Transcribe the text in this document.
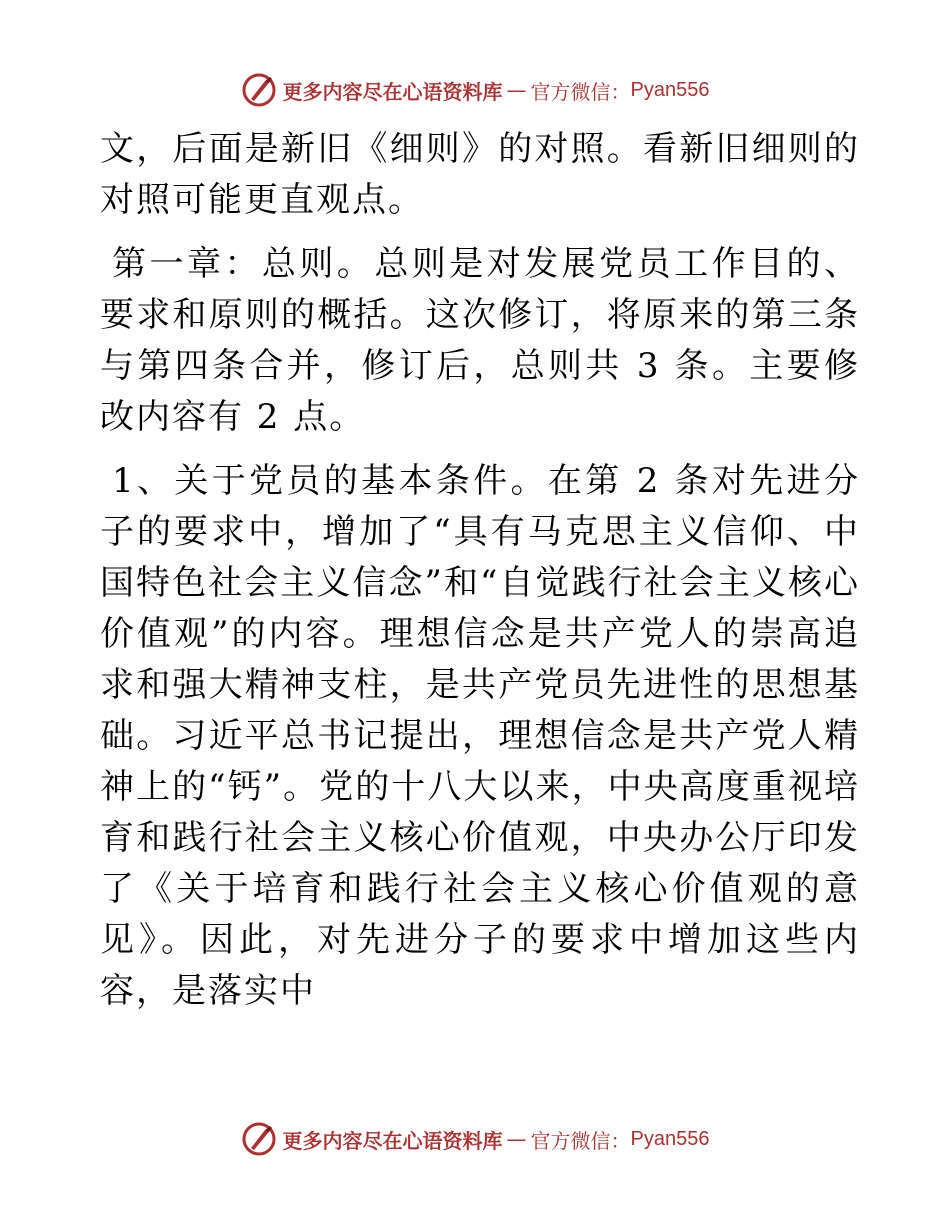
更多内容尽在心语资料库 — 官方微信： Pyan556

文，后面是新旧《细则》的对照。看新旧细则的对照可能更直观点。

第一章：总则。总则是对发展党员工作目的、要求和原则的概括。这次修订，将原来的第三条与第四条合并，修订后，总则共 3 条。主要修改内容有 2 点。

1、关于党员的基本条件。在第 2 条对先进分子的要求中，增加了“具有马克思主义信仰、中国特色社会主义信念”和“自觉践行社会主义核心价值观”的内容。理想信念是共产党人的崇高追求和强大精神支柱，是共产党员先进性的思想基础。习近平总书记提出，理想信念是共产党人精神上的“钙”。党的十八大以来，中央高度重视培育和践行社会主义核心价值观，中央办公厅印发了《关于培育和践行社会主义核心价值观的意见》。因此，对先进分子的要求中增加这些内容，是落实中

更多内容尽在心语资料库 — 官方微信： Pyan556
